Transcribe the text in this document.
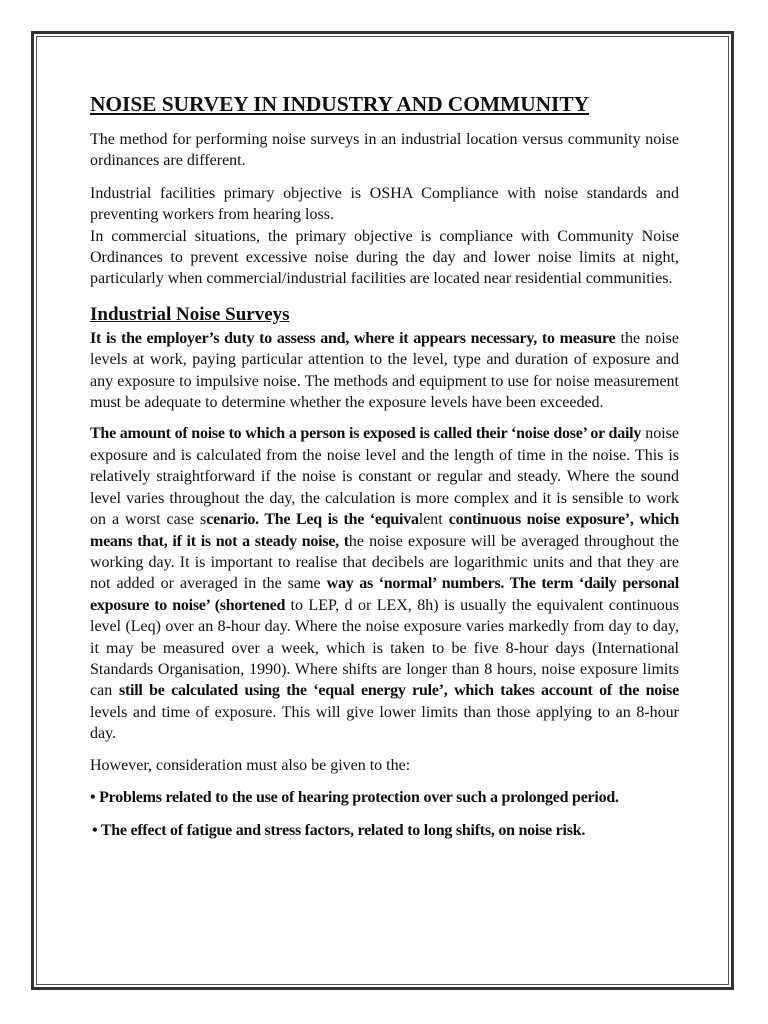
NOISE SURVEY IN INDUSTRY AND COMMUNITY

The method for performing noise surveys in an industrial location versus community noise ordinances are different.

Industrial facilities primary objective is OSHA Compliance with noise standards and preventing workers from hearing loss.

In commercial situations, the primary objective is compliance with Community Noise Ordinances to prevent excessive noise during the day and lower noise limits at night, particularly when commercial/industrial facilities are located near residential communities.

Industrial Noise Surveys

It is the employer’s duty to assess and, where it appears necessary, to measure the noise levels at work, paying particular attention to the level, type and duration of exposure and any exposure to impulsive noise. The methods and equipment to use for noise measurement must be adequate to determine whether the exposure levels have been exceeded.

The amount of noise to which a person is exposed is called their ‘noise dose’ or daily noise exposure and is calculated from the noise level and the length of time in the noise. This is relatively straightforward if the noise is constant or regular and steady. Where the sound level varies throughout the day, the calculation is more complex and it is sensible to work on a worst case scenario. The Leq is the ‘equivalent continuous noise exposure’, which means that, if it is not a steady noise, the noise exposure will be averaged throughout the working day. It is important to realise that decibels are logarithmic units and that they are not added or averaged in the same way as ‘normal’ numbers. The term ‘daily personal exposure to noise’ (shortened to LEP, d or LEX, 8h) is usually the equivalent continuous level (Leq) over an 8-hour day. Where the noise exposure varies markedly from day to day, it may be measured over a week, which is taken to be five 8-hour days (International Standards Organisation, 1990). Where shifts are longer than 8 hours, noise exposure limits can still be calculated using the ‘equal energy rule’, which takes account of the noise levels and time of exposure. This will give lower limits than those applying to an 8-hour day.

However, consideration must also be given to the:

• Problems related to the use of hearing protection over such a prolonged period.

• The effect of fatigue and stress factors, related to long shifts, on noise risk.
